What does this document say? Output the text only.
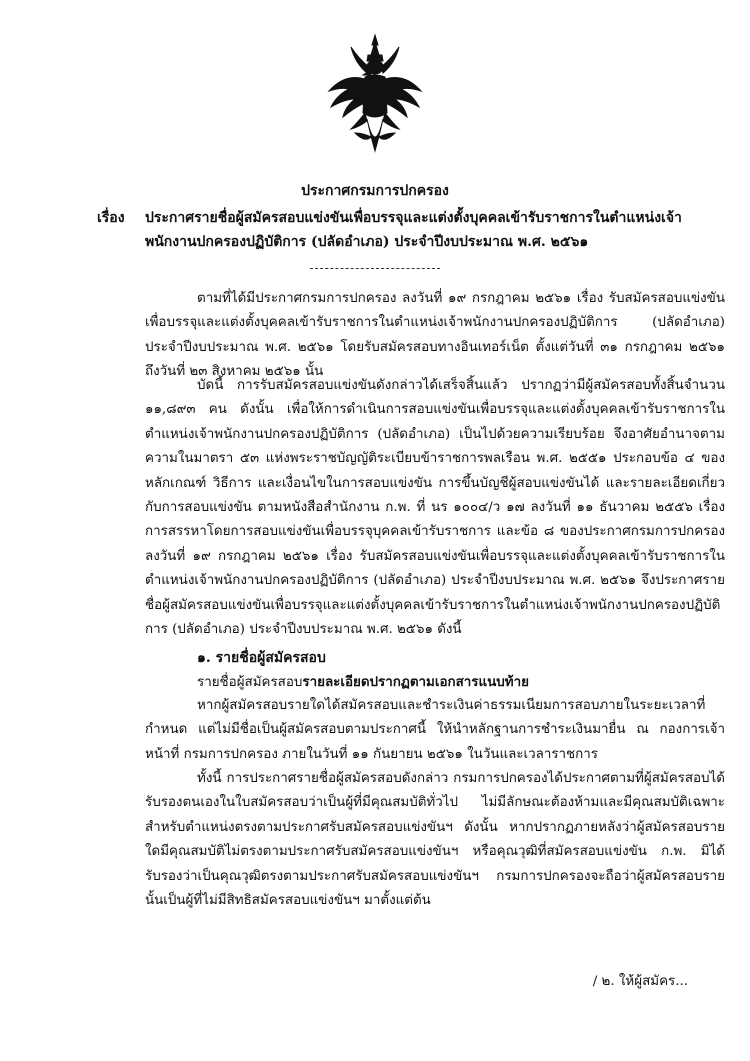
ประกาศกรมการปกครอง
เรื่อง ประกาศรายชื่อผู้สมัครสอบแข่งขันเพื่อบรรจุและแต่งตั้งบุคคลเข้ารับราชการในตำแหน่งเจ้าพนักงานปกครองปฏิบัติการ (ปลัดอำเภอ) ประจำปีงบประมาณ พ.ศ. ๒๕๖๑
ตามที่ได้มีประกาศกรมการปกครอง ลงวันที่ ๑๙ กรกฎาคม ๒๕๖๑ เรื่อง รับสมัครสอบแข่งขันเพื่อบรรจุและแต่งตั้งบุคคลเข้ารับราชการในตำแหน่งเจ้าพนักงานปกครองปฏิบัติการ (ปลัดอำเภอ) ประจำปีงบประมาณ พ.ศ. ๒๕๖๑ โดยรับสมัครสอบทางอินเทอร์เน็ต ตั้งแต่วันที่ ๓๑ กรกฎาคม ๒๕๖๑ ถึงวันที่ ๒๓ สิงหาคม ๒๕๖๑ นั้น
บัดนี้ การรับสมัครสอบแข่งขันดังกล่าวได้เสร็จสิ้นแล้ว ปรากฏว่ามีผู้สมัครสอบทั้งสิ้นจำนวน ๑๑,๘๙๓ คน ดังนั้น เพื่อให้การดำเนินการสอบแข่งขันเพื่อบรรจุและแต่งตั้งบุคคลเข้ารับราชการในตำแหน่งเจ้าพนักงานปกครองปฏิบัติการ (ปลัดอำเภอ) เป็นไปด้วยความเรียบร้อย จึงอาศัยอำนาจตามความในมาตรา ๕๓ แห่งพระราชบัญญัติระเบียบข้าราชการพลเรือน พ.ศ. ๒๕๕๑ ประกอบข้อ ๔ ของหลักเกณฑ์ วิธีการ และเงื่อนไขในการสอบแข่งขัน การขึ้นบัญชีผู้สอบแข่งขันได้ และรายละเอียดเกี่ยวกับการสอบแข่งขัน ตามหนังสือสำนักงาน ก.พ. ที่ นร ๑๐๐๔/ว ๑๗ ลงวันที่ ๑๑ ธันวาคม ๒๕๕๖ เรื่อง การสรรหาโดยการสอบแข่งขันเพื่อบรรจุบุคคลเข้ารับราชการ และข้อ ๘ ของประกาศกรมการปกครอง ลงวันที่ ๑๙ กรกฎาคม ๒๕๖๑ เรื่อง รับสมัครสอบแข่งขันเพื่อบรรจุและแต่งตั้งบุคคลเข้ารับราชการในตำแหน่งเจ้าพนักงานปกครองปฏิบัติการ (ปลัดอำเภอ) ประจำปีงบประมาณ พ.ศ. ๒๕๖๑ จึงประกาศรายชื่อผู้สมัครสอบแข่งขันเพื่อบรรจุและแต่งตั้งบุคคลเข้ารับราชการในตำแหน่งเจ้าพนักงานปกครองปฏิบัติการ (ปลัดอำเภอ) ประจำปีงบประมาณ พ.ศ. ๒๕๖๑ ดังนี้
๑. รายชื่อผู้สมัครสอบ
รายชื่อผู้สมัครสอบรายละเอียดปรากฏตามเอกสารแนบท้าย
หากผู้สมัครสอบรายใดได้สมัครสอบและชำระเงินค่าธรรมเนียมการสอบภายในระยะเวลาที่กำหนด แต่ไม่มีชื่อเป็นผู้สมัครสอบตามประกาศนี้ ให้นำหลักฐานการชำระเงินมายื่น ณ กองการเจ้าหน้าที่ กรมการปกครอง ภายในวันที่ ๑๑ กันยายน ๒๕๖๑ ในวันและเวลาราชการ
ทั้งนี้ การประกาศรายชื่อผู้สมัครสอบดังกล่าว กรมการปกครองได้ประกาศตามที่ผู้สมัครสอบได้รับรองตนเองในใบสมัครสอบว่าเป็นผู้ที่มีคุณสมบัติทั่วไป ไม่มีลักษณะต้องห้ามและมีคุณสมบัติเฉพาะสำหรับตำแหน่งตรงตามประกาศรับสมัครสอบแข่งขันฯ ดังนั้น หากปรากฏภายหลังว่าผู้สมัครสอบรายใดมีคุณสมบัติไม่ตรงตามประกาศรับสมัครสอบแข่งขันฯ หรือคุณวุฒิที่สมัครสอบแข่งขัน ก.พ. มิได้รับรองว่าเป็นคุณวุฒิตรงตามประกาศรับสมัครสอบแข่งขันฯ กรมการปกครองจะถือว่าผู้สมัครสอบรายนั้นเป็นผู้ที่ไม่มีสิทธิสมัครสอบแข่งขันฯ มาตั้งแต่ต้น
/ ๒. ให้ผู้สมัคร...
